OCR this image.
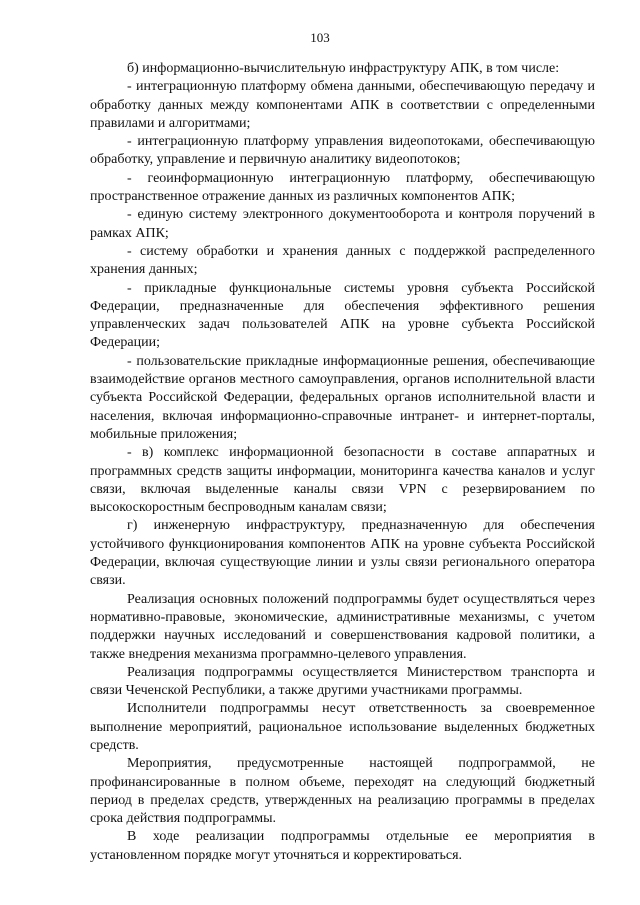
103

б) информационно-вычислительную инфраструктуру АПК, в том числе:

- интеграционную платформу обмена данными, обеспечивающую передачу и обработку данных между компонентами АПК в соответствии с определенными правилами и алгоритмами;

- интеграционную платформу управления видеопотоками, обеспечивающую обработку, управление и первичную аналитику видеопотоков;

- геоинформационную интеграционную платформу, обеспечивающую пространственное отражение данных из различных компонентов АПК;

- единую систему электронного документооборота и контроля поручений в рамках АПК;

- систему обработки и хранения данных с поддержкой распределенного хранения данных;

- прикладные функциональные системы уровня субъекта Российской Федерации, предназначенные для обеспечения эффективного решения управленческих задач пользователей АПК на уровне субъекта Российской Федерации;

- пользовательские прикладные информационные решения, обеспечивающие взаимодействие органов местного самоуправления, органов исполнительной власти субъекта Российской Федерации, федеральных органов исполнительной власти и населения, включая информационно-справочные интранет- и интернет-порталы, мобильные приложения;

- в) комплекс информационной безопасности в составе аппаратных и программных средств защиты информации, мониторинга качества каналов и услуг связи, включая выделенные каналы связи VPN с резервированием по высокоскоростным беспроводным каналам связи;

г) инженерную инфраструктуру, предназначенную для обеспечения устойчивого функционирования компонентов АПК на уровне субъекта Российской Федерации, включая существующие линии и узлы связи регионального оператора связи.

Реализация основных положений подпрограммы будет осуществляться через нормативно-правовые, экономические, административные механизмы, с учетом поддержки научных исследований и совершенствования кадровой политики, а также внедрения механизма программно-целевого управления.

Реализация подпрограммы осуществляется Министерством транспорта и связи Чеченской Республики, а также другими участниками программы.

Исполнители подпрограммы несут ответственность за своевременное выполнение мероприятий, рациональное использование выделенных бюджетных средств.

Мероприятия, предусмотренные настоящей подпрограммой, не профинансированные в полном объеме, переходят на следующий бюджетный период в пределах средств, утвержденных на реализацию программы в пределах срока действия подпрограммы.

В ходе реализации подпрограммы отдельные ее мероприятия в установленном порядке могут уточняться и корректироваться.
